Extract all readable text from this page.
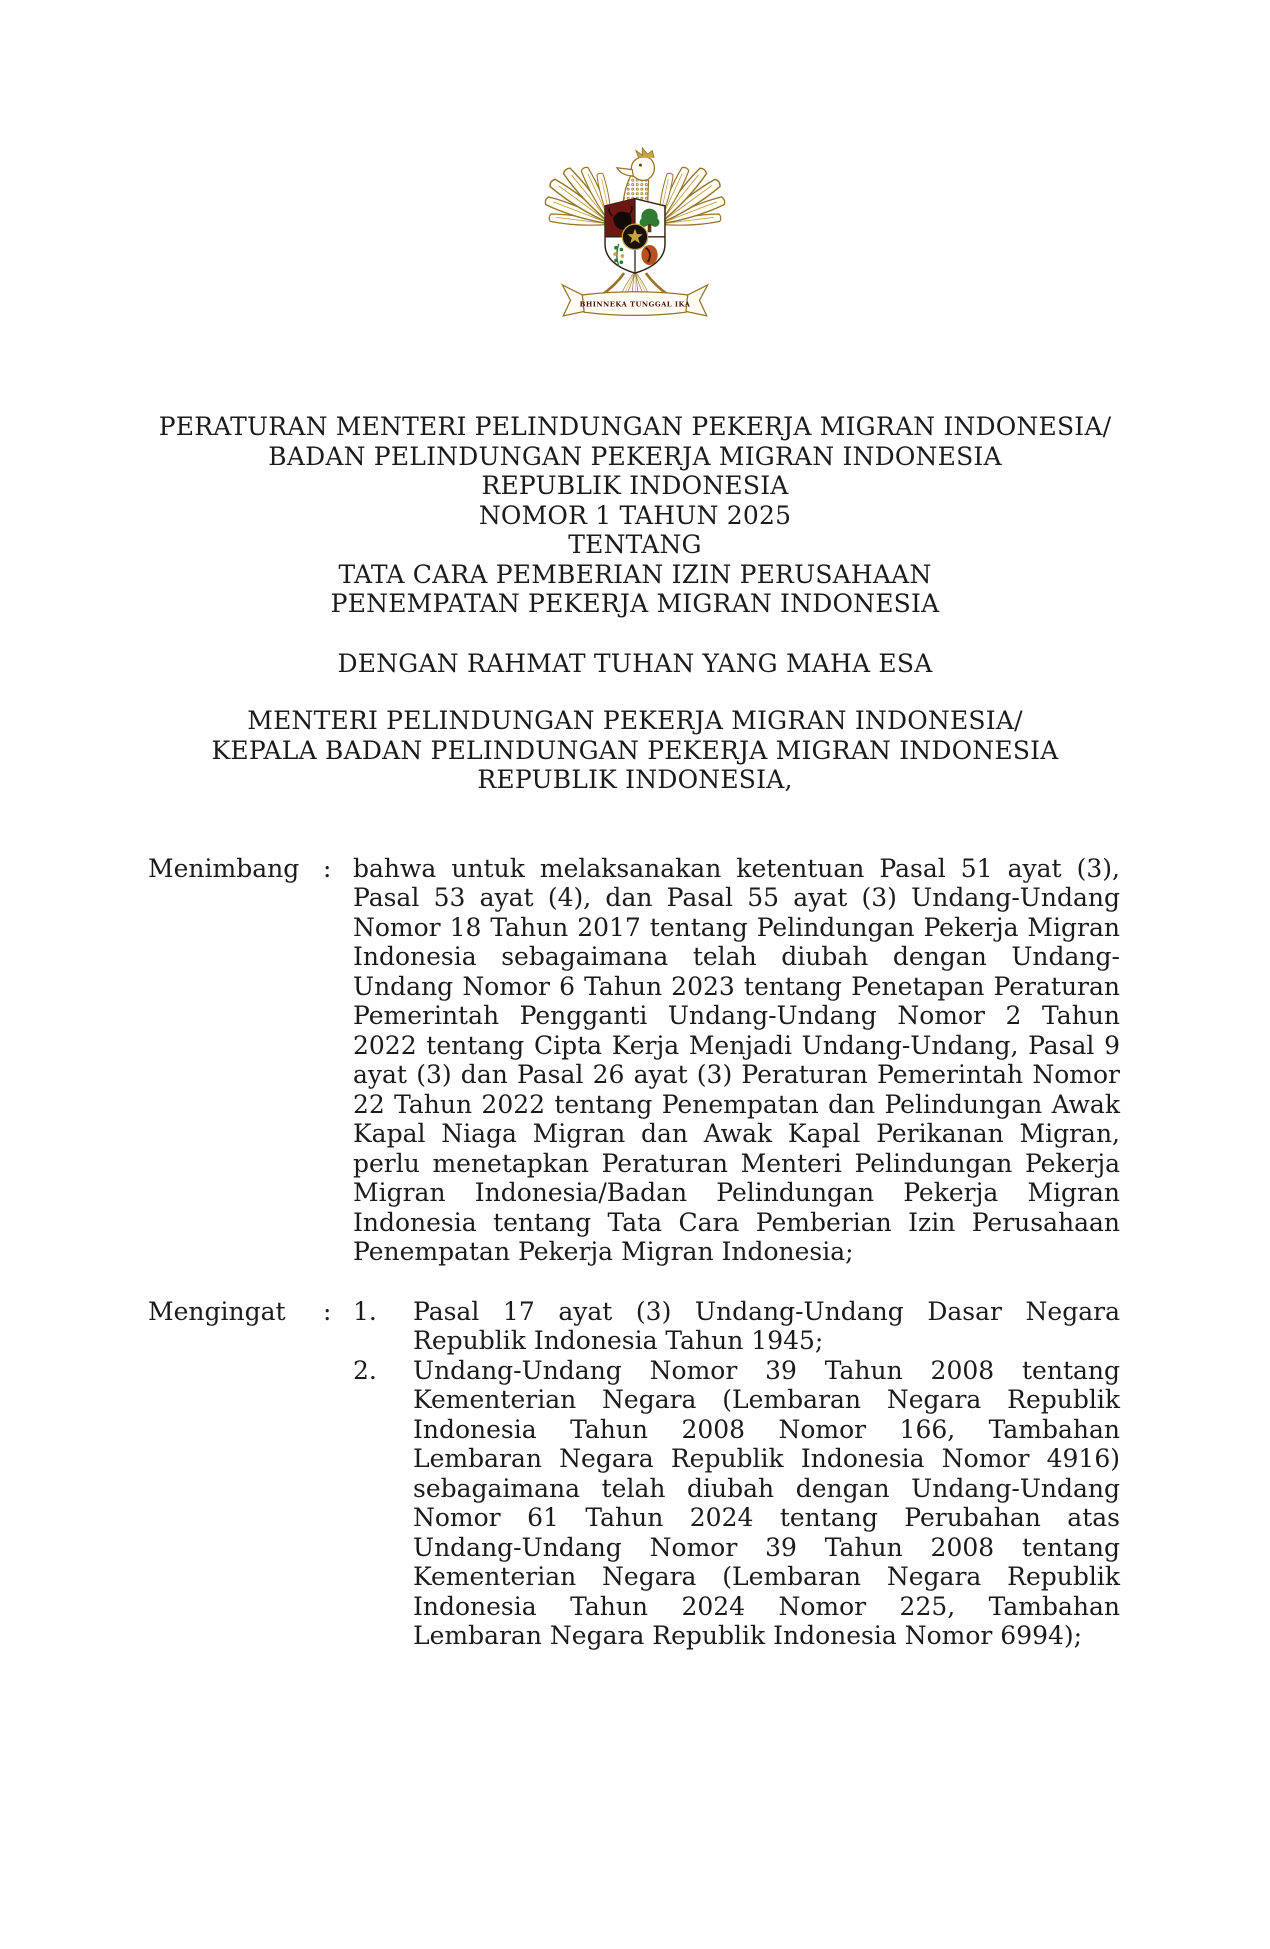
BHINNEKA TUNGGAL IKA
PERATURAN MENTERI PELINDUNGAN PEKERJA MIGRAN INDONESIA/
BADAN PELINDUNGAN PEKERJA MIGRAN INDONESIA
REPUBLIK INDONESIA
NOMOR 1 TAHUN 2025
TENTANG
TATA CARA PEMBERIAN IZIN PERUSAHAAN
PENEMPATAN PEKERJA MIGRAN INDONESIA
DENGAN RAHMAT TUHAN YANG MAHA ESA
MENTERI PELINDUNGAN PEKERJA MIGRAN INDONESIA/
KEPALA BADAN PELINDUNGAN PEKERJA MIGRAN INDONESIA
REPUBLIK INDONESIA,
Menimbang : bahwa untuk melaksanakan ketentuan Pasal 51 ayat (3), Pasal 53 ayat (4), dan Pasal 55 ayat (3) Undang-Undang Nomor 18 Tahun 2017 tentang Pelindungan Pekerja Migran Indonesia sebagaimana telah diubah dengan Undang-Undang Nomor 6 Tahun 2023 tentang Penetapan Peraturan Pemerintah Pengganti Undang-Undang Nomor 2 Tahun 2022 tentang Cipta Kerja Menjadi Undang-Undang, Pasal 9 ayat (3) dan Pasal 26 ayat (3) Peraturan Pemerintah Nomor 22 Tahun 2022 tentang Penempatan dan Pelindungan Awak Kapal Niaga Migran dan Awak Kapal Perikanan Migran, perlu menetapkan Peraturan Menteri Pelindungan Pekerja Migran Indonesia/Badan Pelindungan Pekerja Migran Indonesia tentang Tata Cara Pemberian Izin Perusahaan Penempatan Pekerja Migran Indonesia;
Mengingat	: 1.	Pasal 17 ayat (3) Undang-Undang Dasar Negara Republik Indonesia Tahun 1945;
2.	Undang-Undang Nomor 39 Tahun 2008 tentang Kementerian Negara (Lembaran Negara Republik Indonesia Tahun 2008 Nomor 166, Tambahan Lembaran Negara Republik Indonesia Nomor 4916) sebagaimana telah diubah dengan Undang-Undang Nomor 61 Tahun 2024 tentang Perubahan atas Undang-Undang Nomor 39 Tahun 2008 tentang Kementerian Negara (Lembaran Negara Republik Indonesia Tahun 2024 Nomor 225, Tambahan Lembaran Negara Republik Indonesia Nomor 6994);
